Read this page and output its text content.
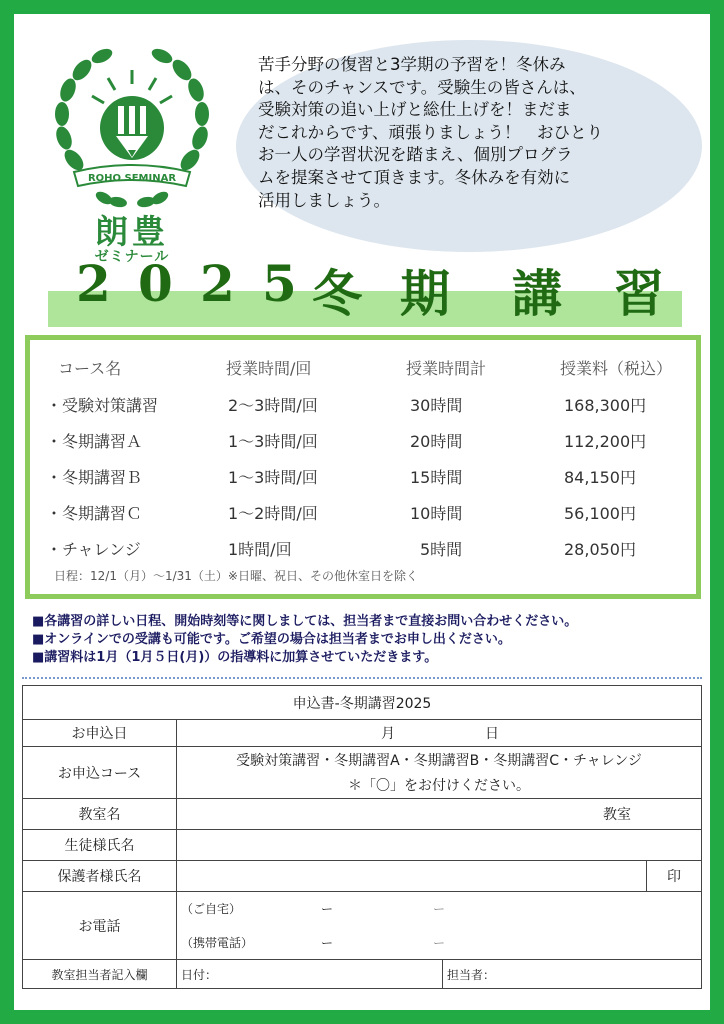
ROHO SEMINAR
朗豊
ゼミナール
苦手分野の復習と3学期の予習を！冬休み
は、そのチャンスです。受験生の皆さんは、
受験対策の追い上げと総仕上げを！まだま
だこれからです、頑張りましょう！　おひとり
お一人の学習状況を踏まえ、個別プログラ
ムを提案させて頂きます。冬休みを有効に
活用しましょう。
2 0 2 5 冬 期 講 習
コース名	授業時間/回	授業時間計	授業料（税込）
・受験対策講習	2～3時間/回	30時間	168,300円
・冬期講習Ａ	1～3時間/回	20時間	112,200円
・冬期講習Ｂ	1～3時間/回	15時間	84,150円
・冬期講習Ｃ	1～2時間/回	10時間	56,100円
・チャレンジ	1時間/回	5時間	28,050円
日程：12/1（月）～1/31（土）※日曜、祝日、その他休室日を除く
■各講習の詳しい日程、開始時刻等に関しましては、担当者まで直接お問い合わせください。
■オンラインでの受講も可能です。ご希望の場合は担当者までお申し出ください。
■講習料は1月（1月５日(月)）の指導料に加算させていただきます。
申込書-冬期講習2025		
お申込日	月 日	
お申込コース	受験対策講習・冬期講習A・冬期講習B・冬期講習C・チャレンジ	
	＊「〇」をお付けください。	
教室名	教室	
生徒様氏名		
保護者様氏名		印
お電話	（ご自宅） ー ー	
	（携帯電話） ー ー	
教室担当者記入欄	日付： 担当者：	
